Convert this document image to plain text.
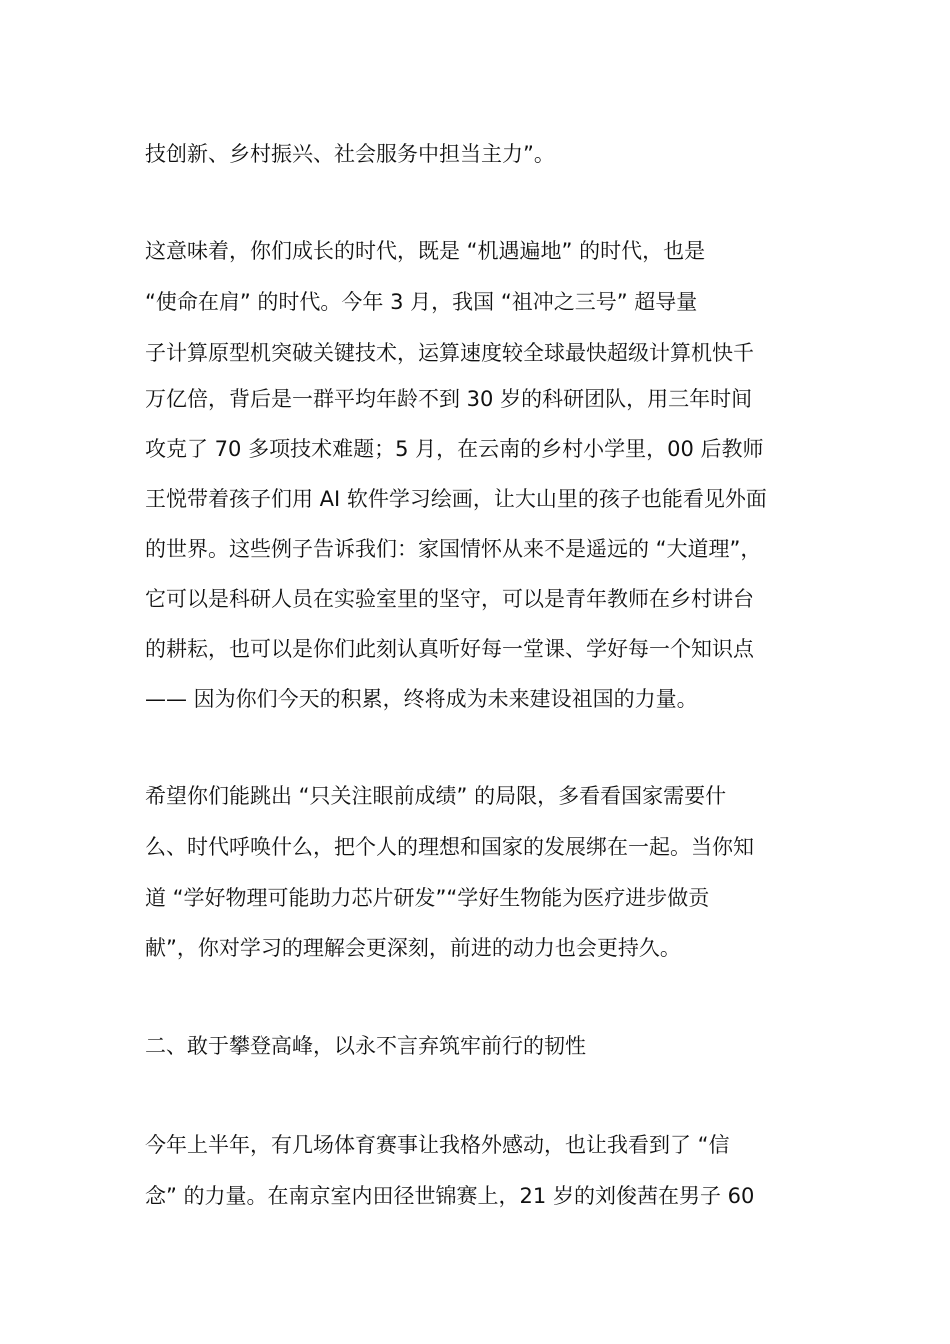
技创新、乡村振兴、社会服务中担当主力”。
这意味着，你们成长的时代，既是 “机遇遍地” 的时代，也是
“使命在肩” 的时代。今年 3 月，我国 “祖冲之三号” 超导量
子计算原型机突破关键技术，运算速度较全球最快超级计算机快千
万亿倍，背后是一群平均年龄不到 30 岁的科研团队，用三年时间
攻克了 70 多项技术难题；5 月，在云南的乡村小学里，00 后教师
王悦带着孩子们用 AI 软件学习绘画，让大山里的孩子也能看见外面
的世界。这些例子告诉我们：家国情怀从来不是遥远的 “大道理”，
它可以是科研人员在实验室里的坚守，可以是青年教师在乡村讲台
的耕耘，也可以是你们此刻认真听好每一堂课、学好每一个知识点
—— 因为你们今天的积累，终将成为未来建设祖国的力量。
希望你们能跳出 “只关注眼前成绩” 的局限，多看看国家需要什
么、时代呼唤什么，把个人的理想和国家的发展绑在一起。当你知
道 “学好物理可能助力芯片研发”“学好生物能为医疗进步做贡
献”，你对学习的理解会更深刻，前进的动力也会更持久。
二、敢于攀登高峰，以永不言弃筑牢前行的韧性
今年上半年，有几场体育赛事让我格外感动，也让我看到了 “信
念” 的力量。在南京室内田径世锦赛上，21 岁的刘俊茜在男子 60
